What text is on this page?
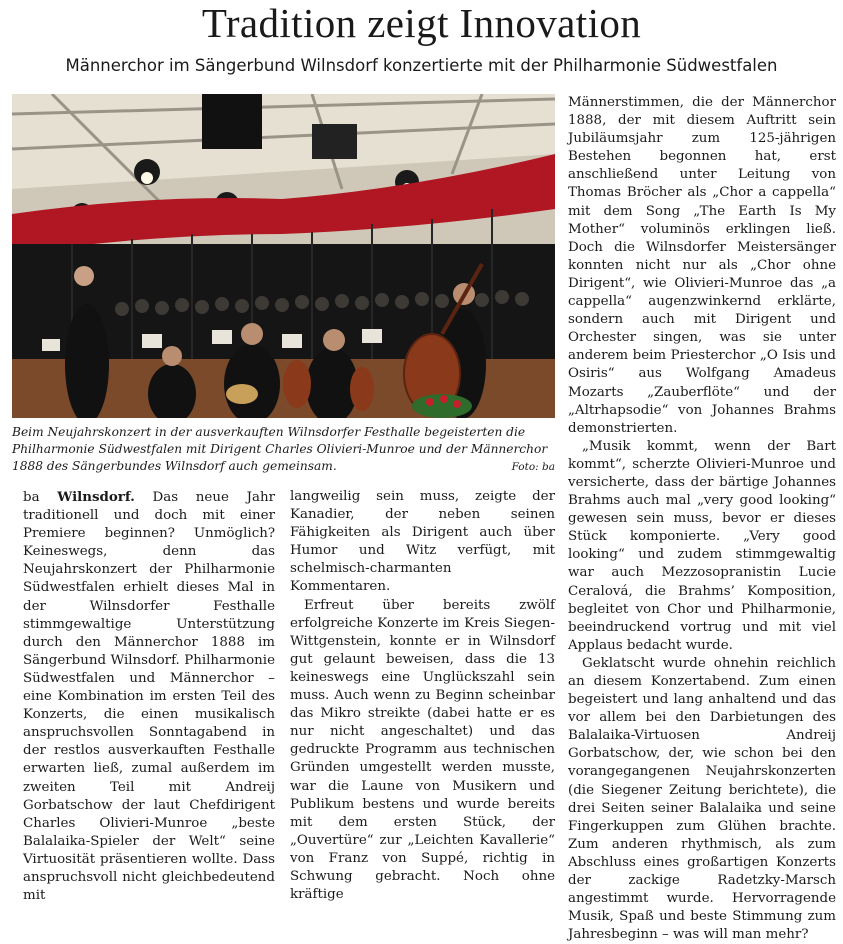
Tradition zeigt Innovation
Männerchor im Sängerbund Wilnsdorf konzertierte mit der Philharmonie Südwestfalen

Beim Neujahrskonzert in der ausverkauften Wilnsdorfer Festhalle begeisterten die Philharmonie Südwestfalen mit Dirigent Charles Olivieri-Munroe und der Männerchor 1888 des Sängerbundes Wilnsdorf auch gemeinsam.	Foto: ba

ba Wilnsdorf. Das neue Jahr traditionell und doch mit einer Premiere beginnen? Unmöglich? Keineswegs, denn das Neujahrskonzert der Philharmonie Südwestfalen erhielt dieses Mal in der Wilnsdorfer Festhalle stimmgewaltige Unterstützung durch den Männerchor 1888 im Sängerbund Wilnsdorf. Philharmonie Südwestfalen und Männerchor – eine Kombination im ersten Teil des Konzerts, die einen musikalisch anspruchsvollen Sonntagabend in der restlos ausverkauften Festhalle erwarten ließ, zumal außerdem im zweiten Teil mit Andreij Gorbatschow der laut Chefdirigent Charles Olivieri-Munroe „beste Balalaika-Spieler der Welt“ seine Virtuosität präsentieren wollte. Dass anspruchsvoll nicht gleichbedeutend mit

langweilig sein muss, zeigte der Kanadier, der neben seinen Fähigkeiten als Dirigent auch über Humor und Witz verfügt, mit schelmisch-charmanten Kommentaren.

Erfreut über bereits zwölf erfolgreiche Konzerte im Kreis Siegen-Wittgenstein, konnte er in Wilnsdorf gut gelaunt beweisen, dass die 13 keineswegs eine Unglückszahl sein muss. Auch wenn zu Beginn scheinbar das Mikro streikte (dabei hatte er es nur nicht angeschaltet) und das gedruckte Programm aus technischen Gründen umgestellt werden musste, war die Laune von Musikern und Publikum bestens und wurde bereits mit dem ersten Stück, der „Ouvertüre“ zur „Leichten Kavallerie“ von Franz von Suppé, richtig in Schwung gebracht. Noch ohne kräftige

Männerstimmen, die der Männerchor 1888, der mit diesem Auftritt sein Jubiläumsjahr zum 125-jährigen Bestehen begonnen hat, erst anschließend unter Leitung von Thomas Bröcher als „Chor a cappella“ mit dem Song „The Earth Is My Mother“ voluminös erklingen ließ. Doch die Wilnsdorfer Meistersänger konnten nicht nur als „Chor ohne Dirigent“, wie Olivieri-Munroe das „a cappella“ augenzwinkernd erklärte, sondern auch mit Dirigent und Orchester singen, was sie unter anderem beim Priesterchor „O Isis und Osiris“ aus Wolfgang Amadeus Mozarts „Zauberflöte“ und der „Altrhapsodie“ von Johannes Brahms demonstrierten.

„Musik kommt, wenn der Bart kommt“, scherzte Olivieri-Munroe und versicherte, dass der bärtige Johannes Brahms auch mal „very good looking“ gewesen sein muss, bevor er dieses Stück komponierte. „Very good looking“ und zudem stimmgewaltig war auch Mezzosopranistin Lucie Ceralová, die Brahms’ Komposition, begleitet von Chor und Philharmonie, beeindruckend vortrug und mit viel Applaus bedacht wurde.

Geklatscht wurde ohnehin reichlich an diesem Konzertabend. Zum einen begeistert und lang anhaltend und das vor allem bei den Darbietungen des Balalaika-Virtuosen Andreij Gorbatschow, der, wie schon bei den vorangegangenen Neujahrskonzerten (die Siegener Zeitung berichtete), die drei Seiten seiner Balalaika und seine Fingerkuppen zum Glühen brachte. Zum anderen rhythmisch, als zum Abschluss eines großartigen Konzerts der zackige Radetzky-Marsch angestimmt wurde. Hervorragende Musik, Spaß und beste Stimmung zum Jahresbeginn – was will man mehr?
